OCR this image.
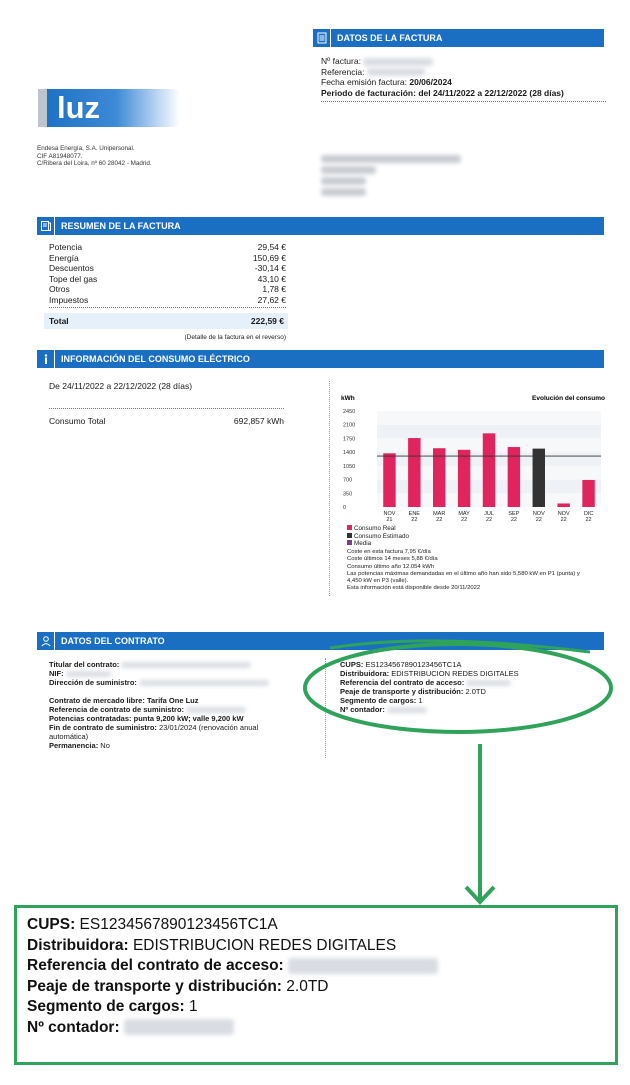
DATOS DE LA FACTURA
Nº factura:
Referencia:
Fecha emisión factura: 20/06/2024
Periodo de facturación: del 24/11/2022 a 22/12/2022 (28 días)
luz
Endesa Energía, S.A. Unipersonal.
CIF A81948077.
C/Ribera del Loira, nº 60 28042 - Madrid.
RESUMEN DE LA FACTURA
Potencia	29,54 €
Energía	150,69 €
Descuentos	-30,14 €
Tope del gas	43,10 €
Otros	1,78 €
Impuestos	27,62 €
Total	222,59 €
(Detalle de la factura en el reverso)
INFORMACIÓN DEL CONSUMO ELÉCTRICO
De 24/11/2022 a 22/12/2022 (28 días)
Consumo Total	692,857 kWh
kWh	Evolución del consumo
0
350
700
1050
1400
1750
2100
2450
NOV
21
ENE
22
MAR
22
MAY
22
JUL
22
SEP
22
NOV
22
NOV
22
DIC
22
Consumo Real
Consumo Estimado
Media
Coste en esta factura 7,95 €/día
Coste últimos 14 meses 5,88 €/día
Consumo último año 12.054 kWh
Las potencias máximas demandadas en el último año han sido 5,580 kW en P1 (punta) y
4,450 kW en P3 (valle).
Esta información está disponible desde 20/11/2022
DATOS DEL CONTRATO
Titular del contrato:
NIF:
Dirección de suministro:
Contrato de mercado libre: Tarifa One Luz
Referencia de contrato de suministro:
Potencias contratadas: punta 9,200 kW; valle 9,200 kW
Fin de contrato de suministro: 23/01/2024 (renovación anual automática)
Permanencia: No
CUPS: ES1234567890123456TC1A
Distribuidora: EDISTRIBUCION REDES DIGITALES
Referencia del contrato de acceso:
Peaje de transporte y distribución: 2.0TD
Segmento de cargos: 1
Nº contador:
CUPS: ES1234567890123456TC1A
Distribuidora: EDISTRIBUCION REDES DIGITALES
Referencia del contrato de acceso:
Peaje de transporte y distribución: 2.0TD
Segmento de cargos: 1
Nº contador:
